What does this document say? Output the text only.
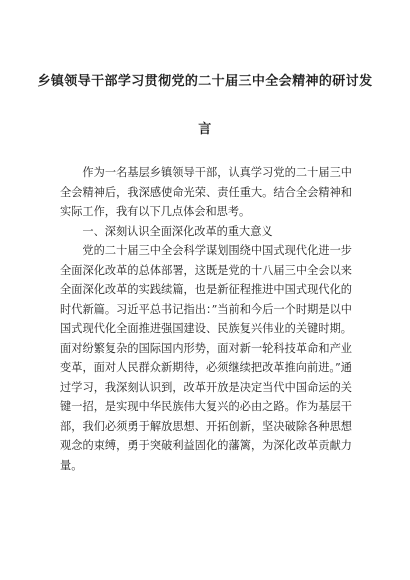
乡镇领导干部学习贯彻党的二十届三中全会精神的研讨发
言

作为一名基层乡镇领导干部，认真学习党的二十届三中全会精神后，我深感使命光荣、责任重大。结合全会精神和实际工作，我有以下几点体会和思考。

一、深刻认识全面深化改革的重大意义

党的二十届三中全会科学谋划围绕中国式现代化进一步全面深化改革的总体部署，这既是党的十八届三中全会以来全面深化改革的实践续篇，也是新征程推进中国式现代化的时代新篇。习近平总书记指出：”当前和今后一个时期是以中国式现代化全面推进强国建设、民族复兴伟业的关键时期。面对纷繁复杂的国际国内形势，面对新一轮科技革命和产业变革，面对人民群众新期待，必须继续把改革推向前进。”通过学习，我深刻认识到，改革开放是决定当代中国命运的关键一招，是实现中华民族伟大复兴的必由之路。作为基层干部，我们必须勇于解放思想、开拓创新，坚决破除各种思想观念的束缚，勇于突破利益固化的藩篱，为深化改革贡献力量。
